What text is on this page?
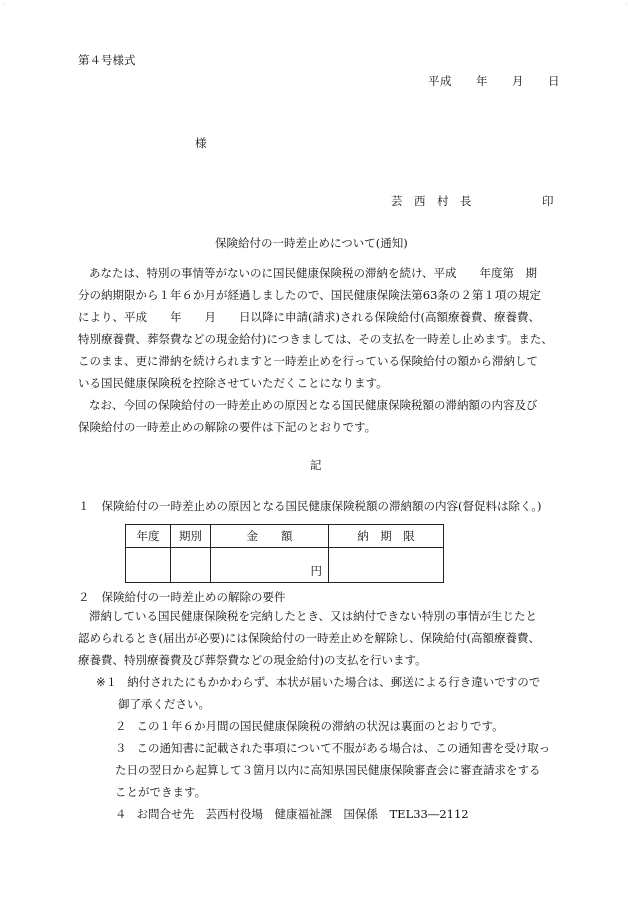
第４号様式
平成　　年　　月　　日
様
芸　西　村　長	印
保険給付の一時差止めについて(通知)
あなたは、特別の事情等がないのに国民健康保険税の滞納を続け、平成　　年度第　期
分の納期限から１年６か月が経過しましたので、国民健康保険法第63条の２第１項の規定
により、平成　　年　　月　　日以降に申請(請求)される保険給付(高額療養費、療養費、
特別療養費、葬祭費などの現金給付)につきましては、その支払を一時差し止めます。また、
このまま、更に滞納を続けられますと一時差止めを行っている保険給付の額から滞納して
いる国民健康保険税を控除させていただくことになります。
なお、今回の保険給付の一時差止めの原因となる国民健康保険税額の滞納額の内容及び
保険給付の一時差止めの解除の要件は下記のとおりです。
記
１ 保険給付の一時差止めの原因となる国民健康保険税額の滞納額の内容(督促料は除く。)
年度	期別	金　　額	納　期　限
		円	
２ 保険給付の一時差止めの解除の要件
滞納している国民健康保険税を完納したとき、又は納付できない特別の事情が生じたと
認められるとき(届出が必要)には保険給付の一時差止めを解除し、保険給付(高額療養費、
療養費、特別療養費及び葬祭費などの現金給付)の支払を行います。
※１ 納付されたにもかかわらず、本状が届いた場合は、郵送による行き違いですので
御了承ください。
２ この１年６か月間の国民健康保険税の滞納の状況は裏面のとおりです。
３ この通知書に記載された事項について不服がある場合は、この通知書を受け取っ
た日の翌日から起算して３箇月以内に高知県国民健康保険審査会に審査請求をする
ことができます。
４ お問合せ先　芸西村役場　健康福祉課　国保係　TEL33―2112
